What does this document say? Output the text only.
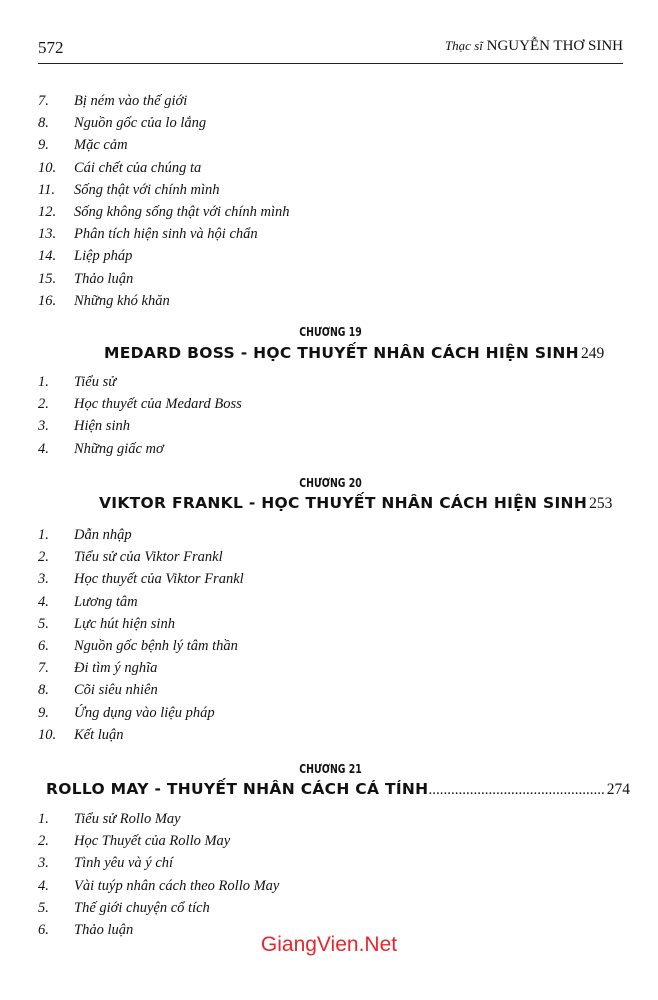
572	Thạc sĩ NGUYỄN THƠ SINH
7.	Bị ném vào thế giới
8.	Nguồn gốc của lo lắng
9.	Mặc cảm
10.	Cái chết của chúng ta
11.	Sống thật với chính mình
12.	Sống không sống thật với chính mình
13.	Phân tích hiện sinh và hội chẩn
14.	Liệp pháp
15.	Thảo luận
16.	Những khó khăn
CHƯƠNG 19
MEDARD BOSS - HỌC THUYẾT NHÂN CÁCH HIỆN SINH 249
1.	Tiểu sử
2.	Học thuyết của Medard Boss
3.	Hiện sinh
4.	Những giấc mơ
CHƯƠNG 20
VIKTOR FRANKL - HỌC THUYẾT NHÂN CÁCH HIỆN SINH 253
1.	Dẫn nhập
2.	Tiểu sử của Viktor Frankl
3.	Học thuyết của Viktor Frankl
4.	Lương tâm
5.	Lực hút hiện sinh
6.	Nguồn gốc bệnh lý tâm thần
7.	Đi tìm ý nghĩa
8.	Cõi siêu nhiên
9.	Ứng dụng vào liệu pháp
10.	Kết luận
CHƯƠNG 21
ROLLO MAY - THUYẾT NHÂN CÁCH CÁ TÍNH ............................................... 274
1.	Tiểu sử Rollo May
2.	Học Thuyết của Rollo May
3.	Tình yêu và ý chí
4.	Vài tuýp nhân cách theo Rollo May
5.	Thế giới chuyện cổ tích
6.	Thảo luận
GiangVien.Net
